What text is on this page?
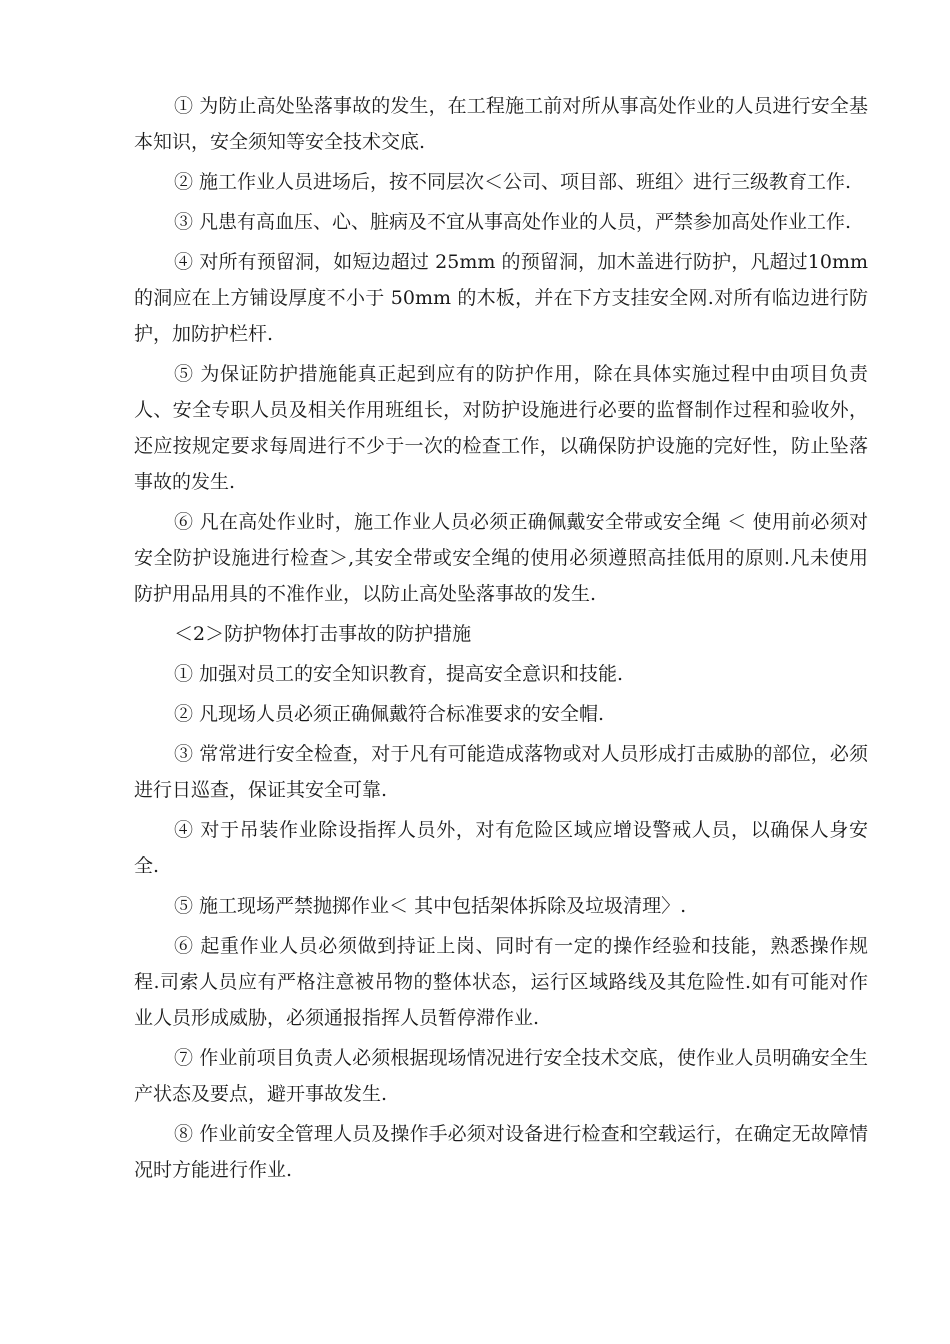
① 为防止高处坠落事故的发生，在工程施工前对所从事高处作业的人员进行安全基本知识，安全须知等安全技术交底.

② 施工作业人员进场后，按不同层次＜公司、项目部、班组〉进行三级教育工作.

③ 凡患有高血压、心、脏病及不宜从事高处作业的人员，严禁参加高处作业工作.

④ 对所有预留洞，如短边超过 25mm 的预留洞，加木盖进行防护，凡超过10mm 的洞应在上方铺设厚度不小于 50mm 的木板，并在下方支挂安全网.对所有临边进行防护，加防护栏杆.

⑤ 为保证防护措施能真正起到应有的防护作用，除在具体实施过程中由项目负责人、安全专职人员及相关作用班组长，对防护设施进行必要的监督制作过程和验收外，还应按规定要求每周进行不少于一次的检查工作，以确保防护设施的完好性，防止坠落事故的发生.

⑥ 凡在高处作业时，施工作业人员必须正确佩戴安全带或安全绳 ＜ 使用前必须对安全防护设施进行检查＞,其安全带或安全绳的使用必须遵照高挂低用的原则.凡未使用防护用品用具的不准作业，以防止高处坠落事故的发生.

＜2＞防护物体打击事故的防护措施

① 加强对员工的安全知识教育，提高安全意识和技能.

② 凡现场人员必须正确佩戴符合标准要求的安全帽.

③ 常常进行安全检查，对于凡有可能造成落物或对人员形成打击威胁的部位，必须进行日巡查，保证其安全可靠.

④ 对于吊装作业除设指挥人员外，对有危险区域应增设警戒人员，以确保人身安全.

⑤ 施工现场严禁抛掷作业＜ 其中包括架体拆除及垃圾清理〉.

⑥ 起重作业人员必须做到持证上岗、同时有一定的操作经验和技能，熟悉操作规程.司索人员应有严格注意被吊物的整体状态，运行区域路线及其危险性.如有可能对作业人员形成威胁，必须通报指挥人员暂停滞作业.

⑦ 作业前项目负责人必须根据现场情况进行安全技术交底，使作业人员明确安全生产状态及要点，避开事故发生.

⑧ 作业前安全管理人员及操作手必须对设备进行检查和空载运行，在确定无故障情况时方能进行作业.
